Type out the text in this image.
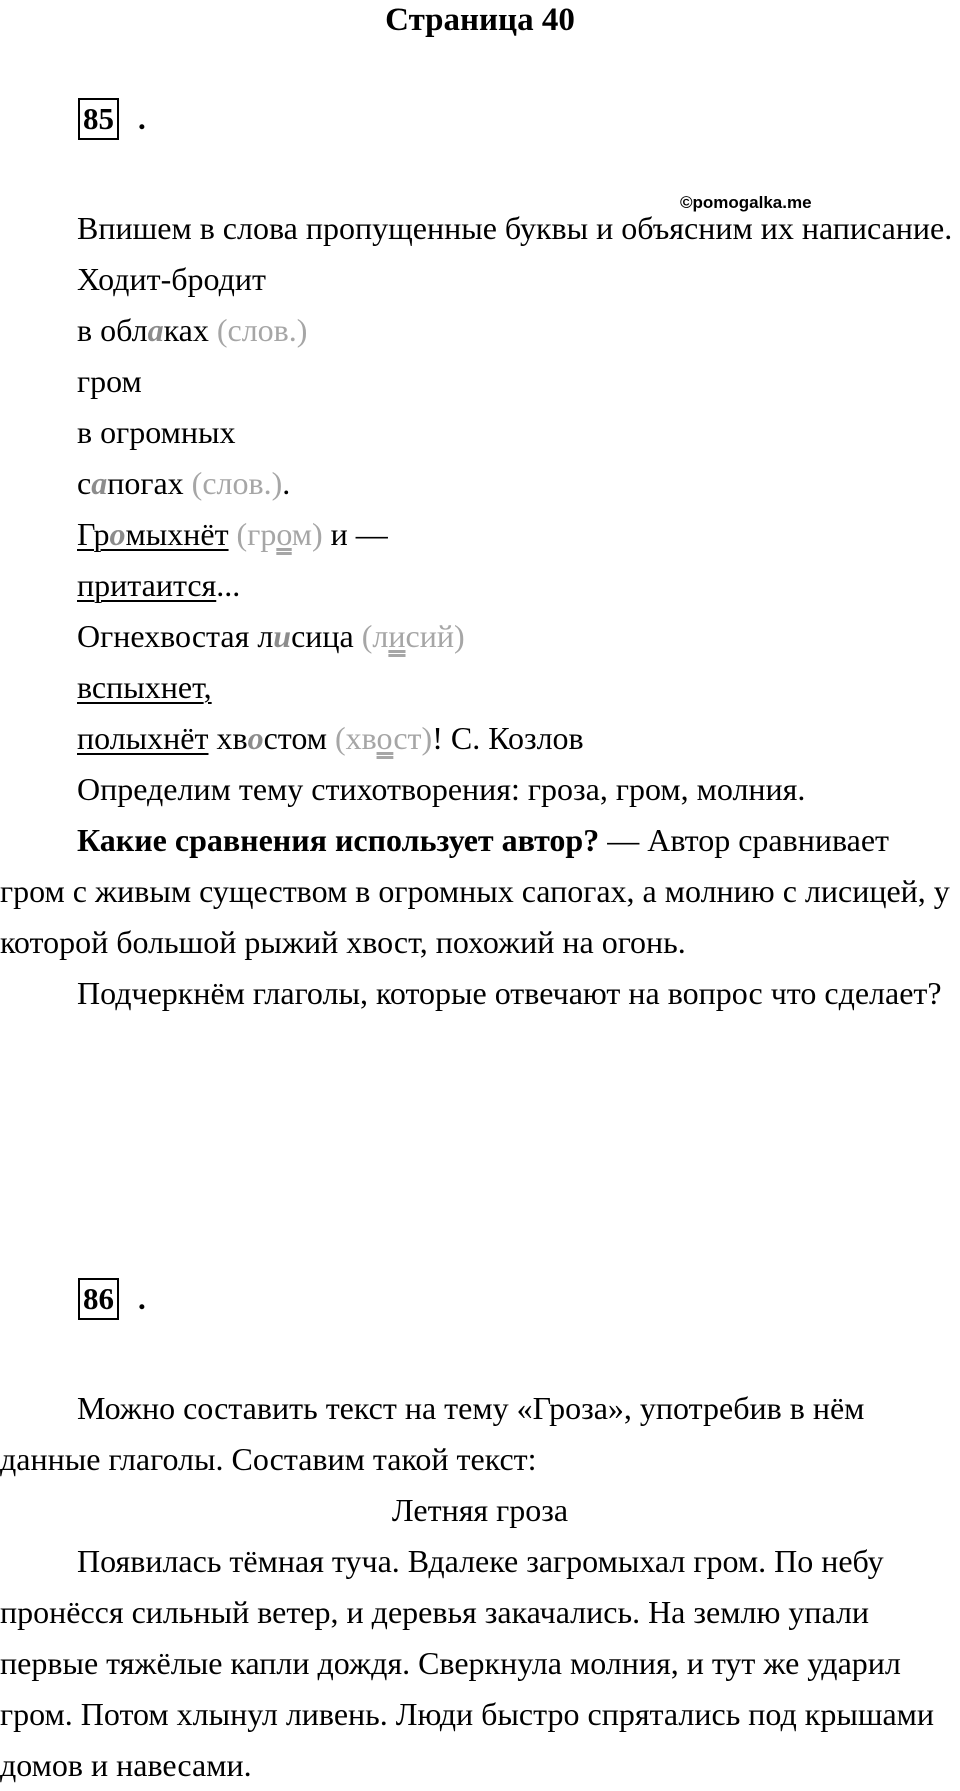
Страница 40
85 .
©pomogalka.me

Впишем в слова пропущенные буквы и объясним их написание.

Ходит-бродит

в облаках (слов.)

гром

в огромных

сапогах (слов.).

Громыхнёт (гром) и —

притаится...

Огнехвостая лисица (лисий)

вспыхнет,

полыхнёт хвостом (хвост)! С. Козлов

Определим тему стихотворения: гроза, гром, молния.

Какие сравнения использует автор? — Автор сравнивает гром с живым существом в огромных сапогах, а молнию с лисицей, у которой большой рыжий хвост, похожий на огонь.

Подчеркнём глаголы, которые отвечают на вопрос что сделает?

86 .

Можно составить текст на тему «Гроза», употребив в нём данные глаголы. Составим такой текст:

Летняя гроза

Появилась тёмная туча. Вдалеке загромыхал гром. По небу пронёсся сильный ветер, и деревья закачались. На землю упали первые тяжёлые капли дождя. Сверкнула молния, и тут же ударил гром. Потом хлынул ливень. Люди быстро спрятались под крышами домов и навесами.
